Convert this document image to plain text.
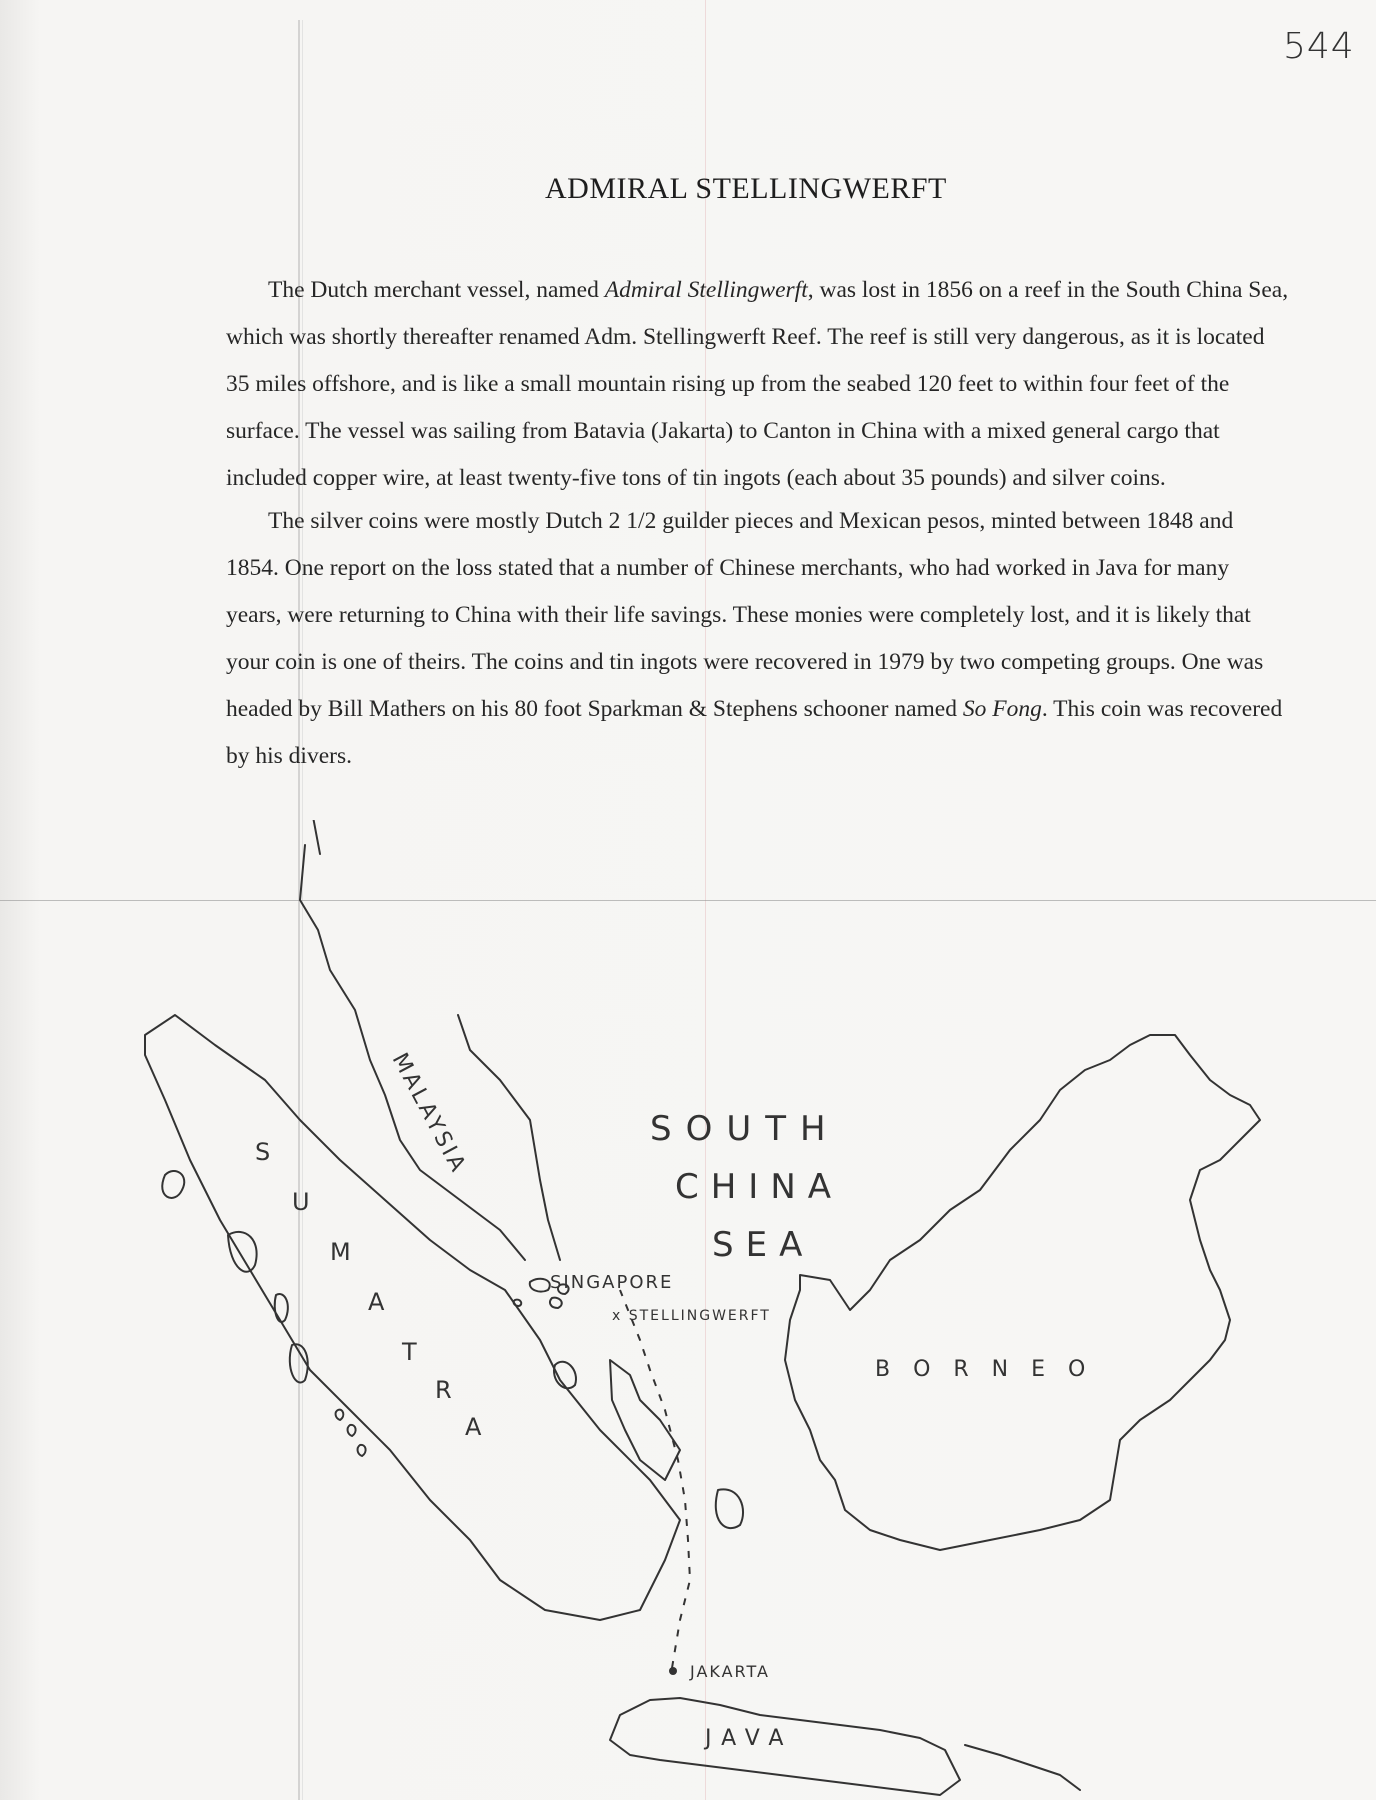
544
ADMIRAL STELLINGWERFT

The Dutch merchant vessel, named Admiral Stellingwerft, was lost in 1856 on a reef in the South China Sea, which was shortly thereafter renamed Adm. Stellingwerft Reef. The reef is still very dangerous, as it is located 35 miles offshore, and is like a small mountain rising up from the seabed 120 feet to within four feet of the surface. The vessel was sailing from Batavia (Jakarta) to Canton in China with a mixed general cargo that included copper wire, at least twenty-five tons of tin ingots (each about 35 pounds) and silver coins.

The silver coins were mostly Dutch 2 1/2 guilder pieces and Mexican pesos, minted between 1848 and 1854. One report on the loss stated that a number of Chinese merchants, who had worked in Java for many years, were returning to China with their life savings. These monies were completely lost, and it is likely that your coin is one of theirs. The coins and tin ingots were recovered in 1979 by two competing groups. One was headed by Bill Mathers on his 80 foot Sparkman & Stephens schooner named So Fong. This coin was recovered by his divers.

MALAYSIA
S
U
M
A
T
R
A
SOUTH
CHINA
SEA
SINGAPORE
x STELLINGWERFT
B O R N E O
JAKARTA
JAVA
